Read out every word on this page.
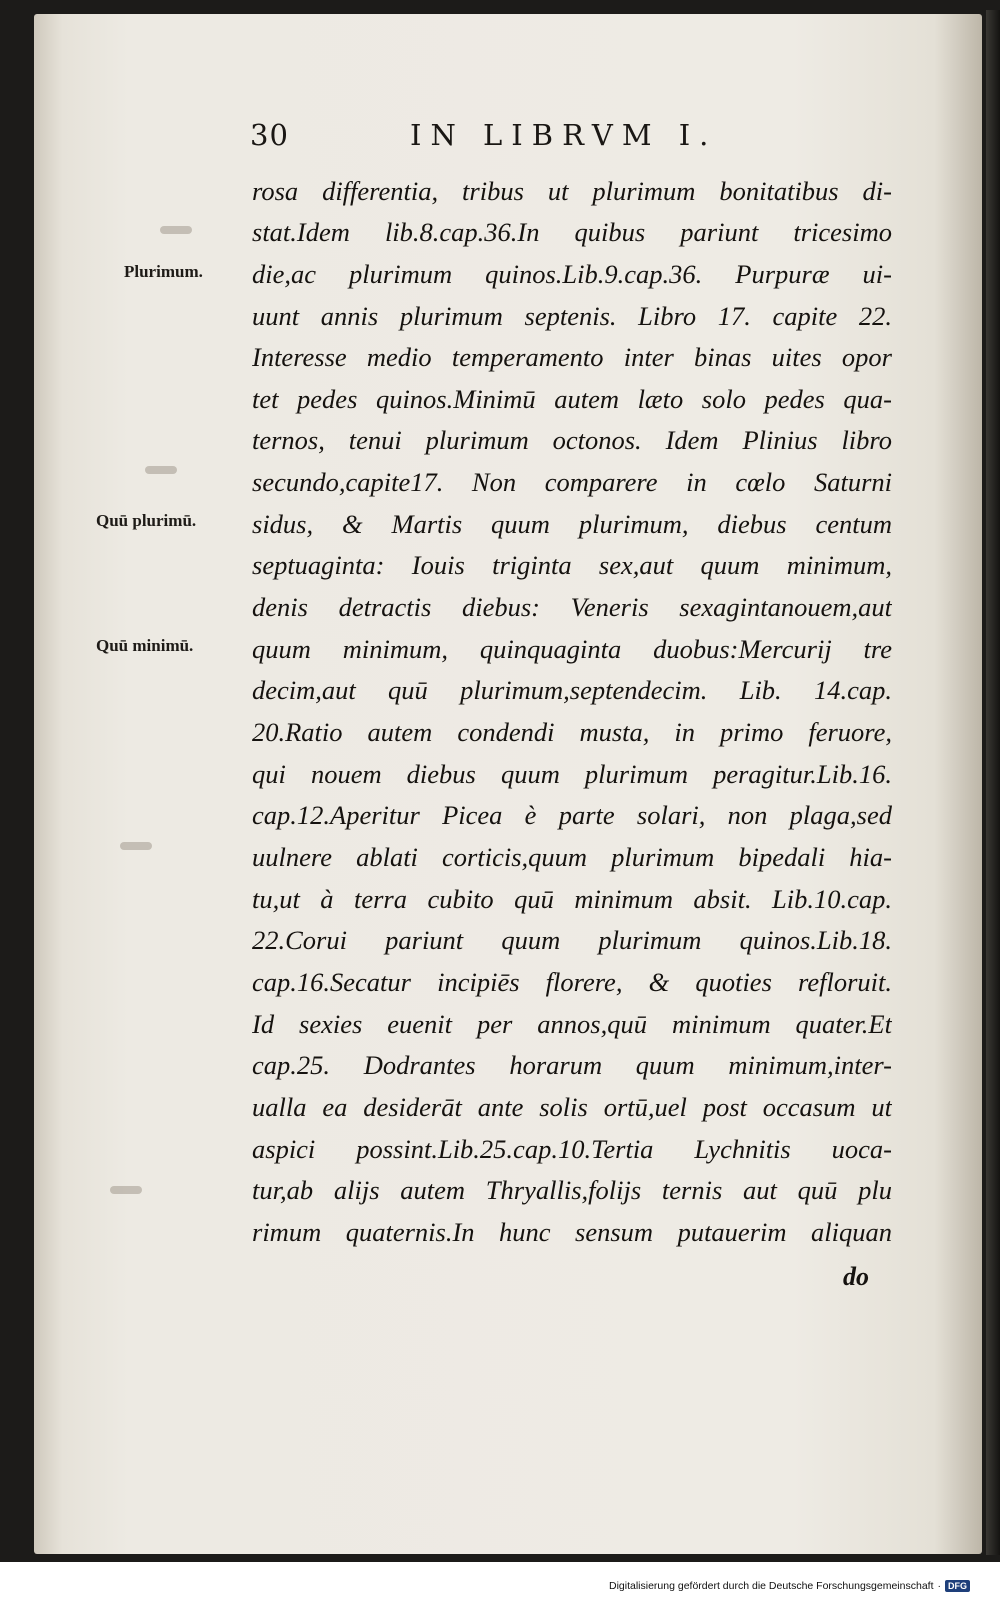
30	IN LIBRVM I.
Plurimum.
Quū plurimū.
Quū minimū.
rosa differentia, tribus ut plurimum bonitatibus di-
stat.Idem lib.8.cap.36.In quibus pariunt tricesimo
die,ac plurimum quinos.Lib.9.cap.36. Purpuræ ui-
uunt annis plurimum septenis. Libro 17. capite 22.
Interesse medio temperamento inter binas uites opor
tet pedes quinos.Minimū autem læto solo pedes qua-
ternos, tenui plurimum octonos. Idem Plinius libro
secundo,capite17. Non comparere in cœlo Saturni
sidus, & Martis quum plurimum, diebus centum
septuaginta: Iouis triginta sex,aut quum minimum,
denis detractis diebus: Veneris sexagintanouem,aut
quum minimum, quinquaginta duobus:Mercurij tre
decim,aut quū plurimum,septendecim. Lib. 14.cap.
20.Ratio autem condendi musta, in primo feruore,
qui nouem diebus quum plurimum peragitur.Lib.16.
cap.12.Aperitur Picea è parte solari, non plaga,sed
uulnere ablati corticis,quum plurimum bipedali hia-
tu,ut à terra cubito quū minimum absit. Lib.10.cap.
22.Corui pariunt quum plurimum quinos.Lib.18.
cap.16.Secatur incipiēs florere, & quoties refloruit.
Id sexies euenit per annos,quū minimum quater.Et
cap.25. Dodrantes horarum quum minimum,inter-
ualla ea desiderāt ante solis ortū,uel post occasum ut
aspici possint.Lib.25.cap.10.Tertia Lychnitis uoca-
tur,ab alijs autem Thryallis,folijs ternis aut quū plu
rimum quaternis.In hunc sensum putauerim aliquan
do
Digitalisierung gefördert durch die Deutsche Forschungsgemeinschaft · DFG
